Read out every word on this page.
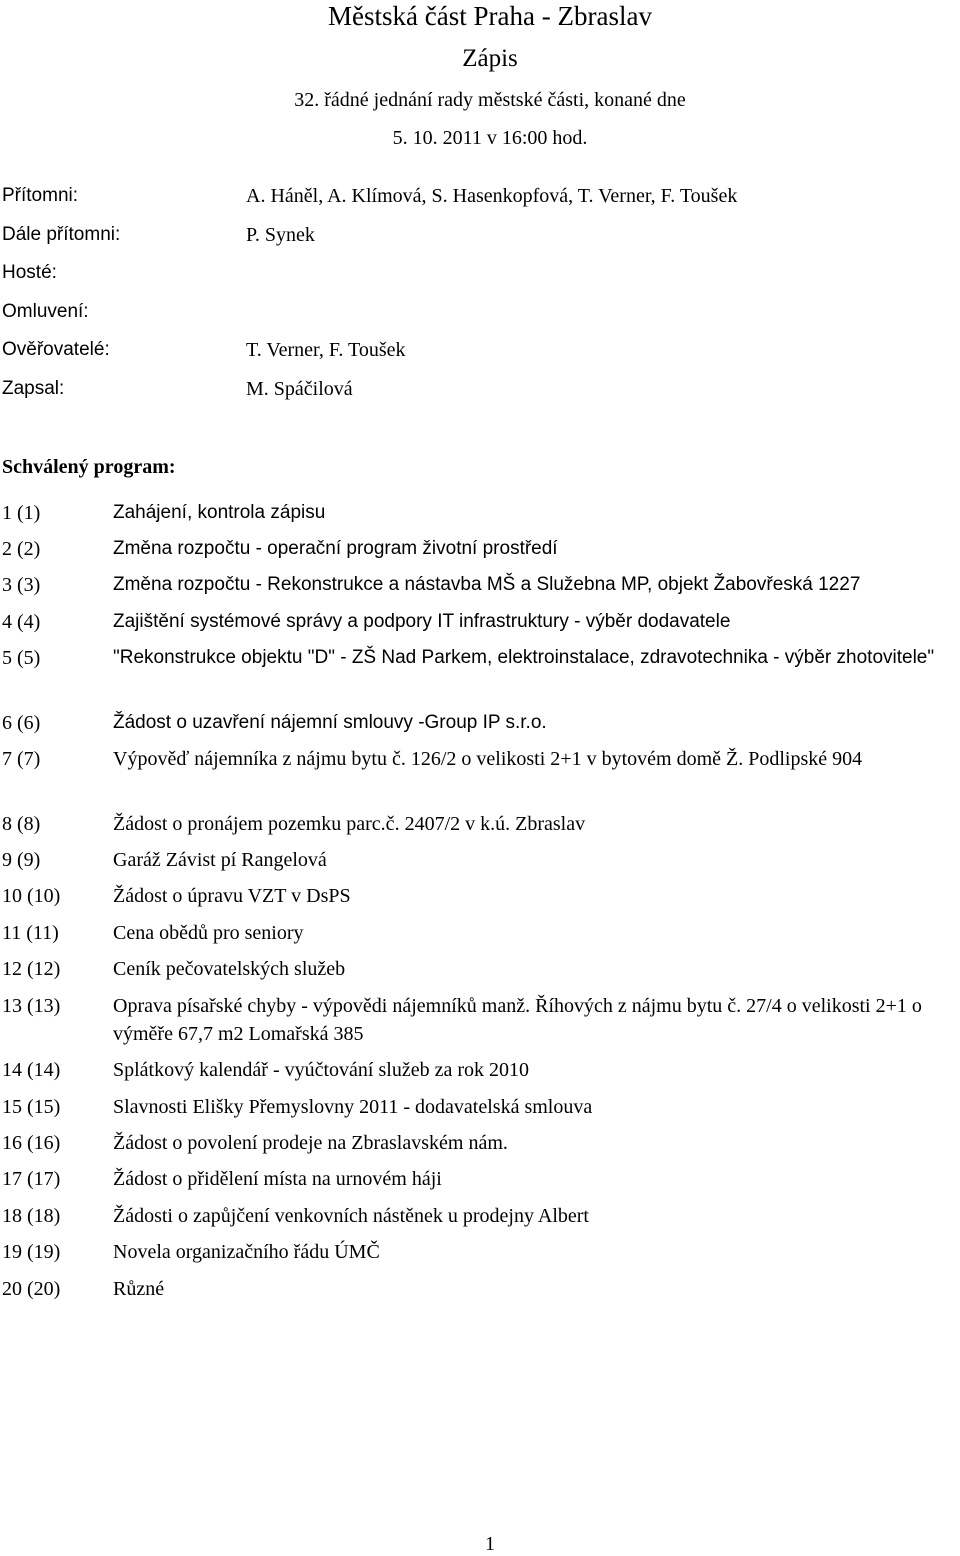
Městská část Praha - Zbraslav
Zápis
32. řádné jednání rady městské části, konané dne
5. 10. 2011 v 16:00 hod.
Přítomni:	A. Háněl, A. Klímová, S. Hasenkopfová, T. Verner, F. Toušek
Dále přítomni:	P. Synek
Hosté:
Omluvení:
Ověřovatelé:	T. Verner, F. Toušek
Zapsal:	M. Spáčilová
Schválený program:
1 (1)	Zahájení, kontrola zápisu
2 (2)	Změna rozpočtu - operační program životní prostředí
3 (3)	Změna rozpočtu - Rekonstrukce a nástavba MŠ a Služebna MP, objekt Žabovřeská 1227
4 (4)	Zajištění systémové správy a podpory IT infrastruktury - výběr dodavatele
5 (5)	"Rekonstrukce objektu "D" - ZŠ Nad Parkem, elektroinstalace, zdravotechnika - výběr zhotovitele"
6 (6)	Žádost o uzavření nájemní smlouvy -Group IP s.r.o.
7 (7)	Výpověď nájemníka z nájmu bytu č. 126/2 o velikosti 2+1 v bytovém domě Ž. Podlipské 904
8 (8)	Žádost o pronájem pozemku parc.č. 2407/2 v k.ú. Zbraslav
9 (9)	Garáž Závist pí Rangelová
10 (10)	Žádost o úpravu VZT v DsPS
11 (11)	Cena obědů pro seniory
12 (12)	Ceník pečovatelských služeb
13 (13)	Oprava písařské chyby - výpovědi nájemníků manž. Říhových z nájmu bytu č. 27/4 o velikosti 2+1 o výměře 67,7 m2 Lomařská 385
14 (14)	Splátkový kalendář - vyúčtování služeb za rok 2010
15 (15)	Slavnosti Elišky Přemyslovny 2011 - dodavatelská smlouva
16 (16)	Žádost o povolení prodeje na Zbraslavském nám.
17 (17)	Žádost o přidělení místa na urnovém háji
18 (18)	Žádosti o zapůjčení venkovních nástěnek u prodejny Albert
19 (19)	Novela organizačního řádu ÚMČ
20 (20)	Různé
1
